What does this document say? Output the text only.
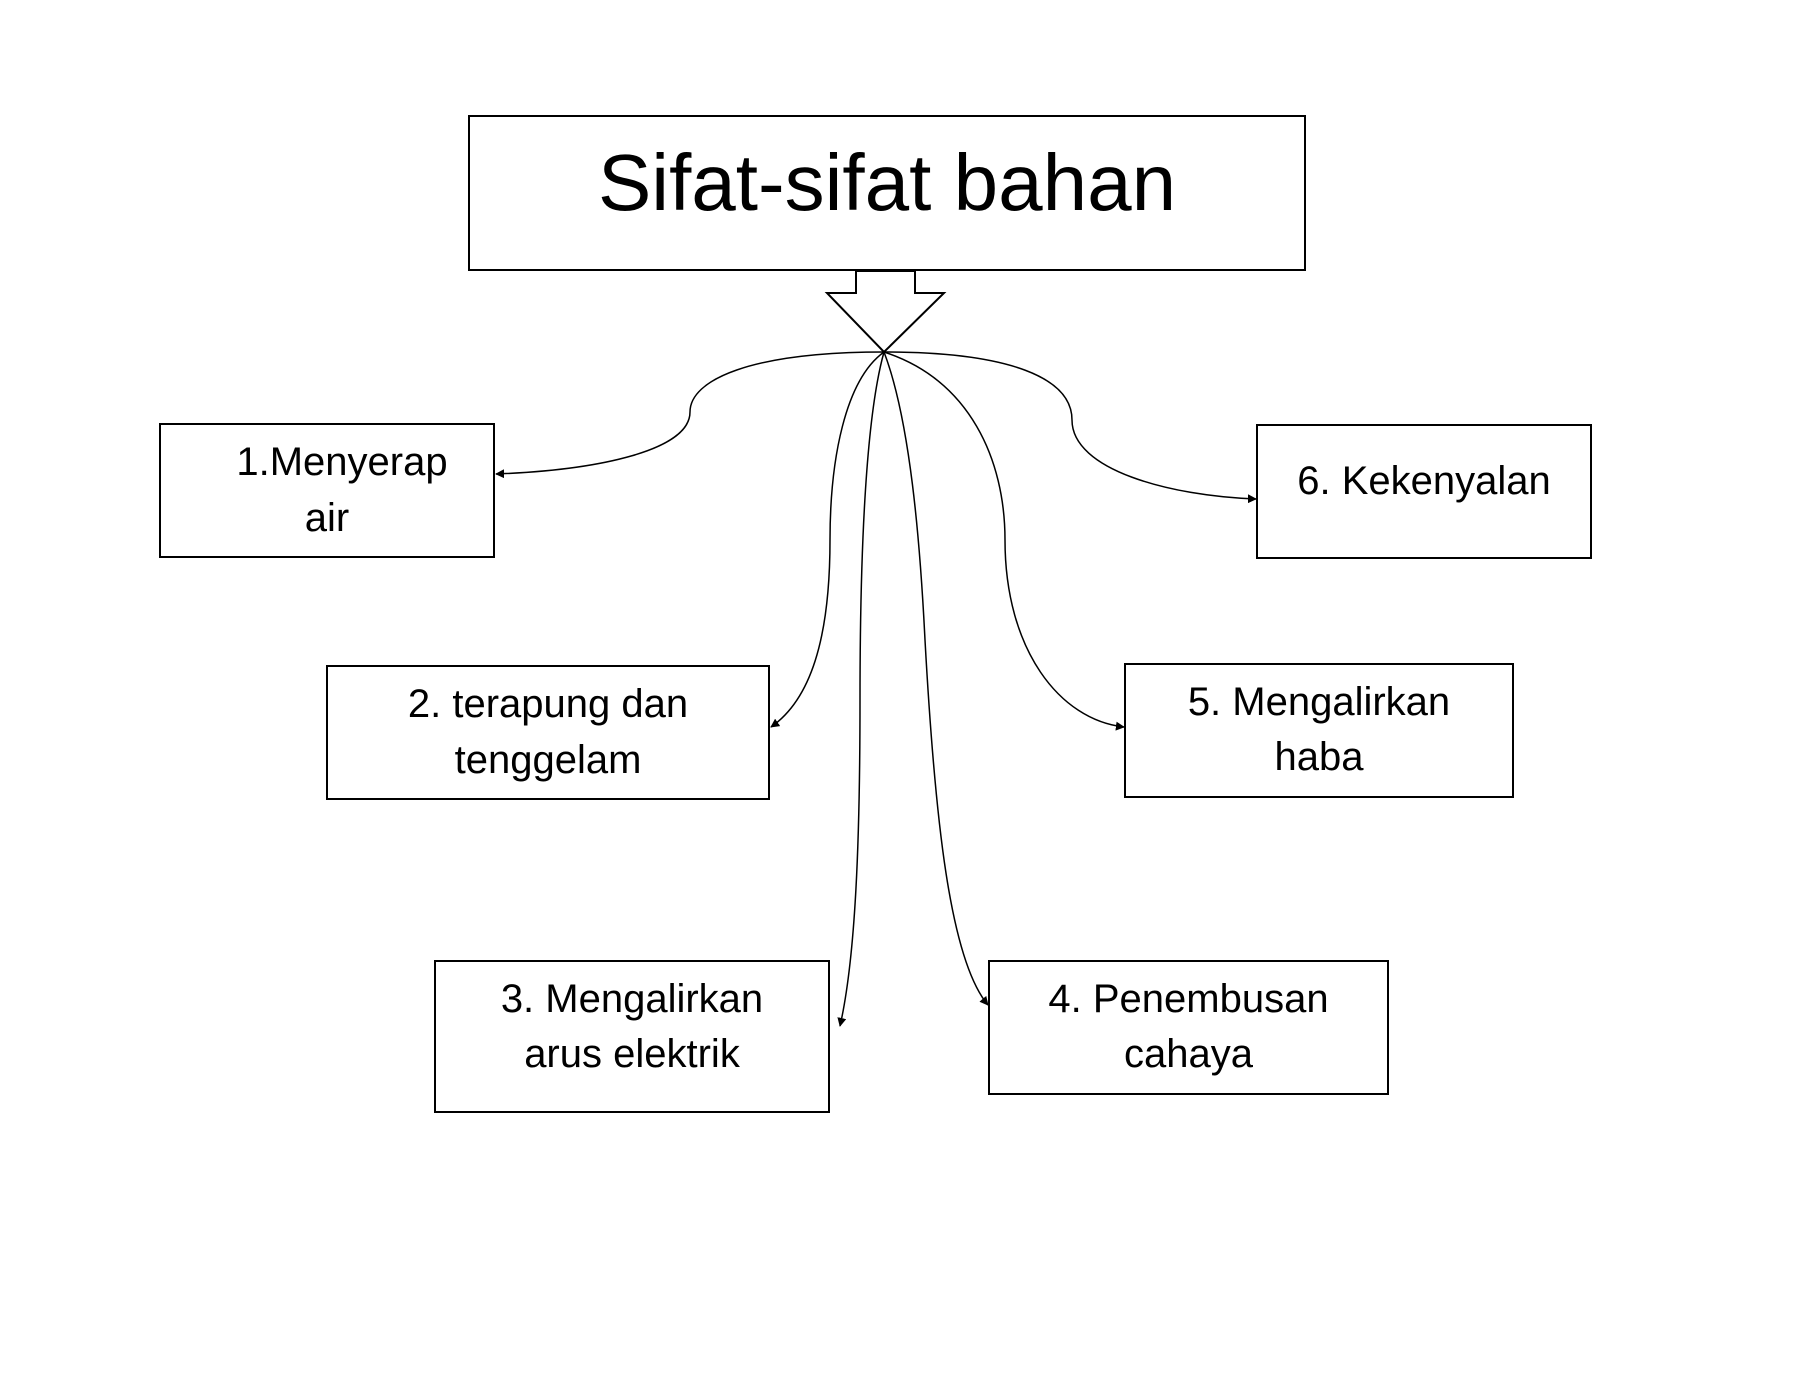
Sifat-sifat bahan
1.Menyerap
air
2. terapung dan
tenggelam
3. Mengalirkan
arus elektrik
4. Penembusan
cahaya
5. Mengalirkan
haba
6. Kekenyalan
